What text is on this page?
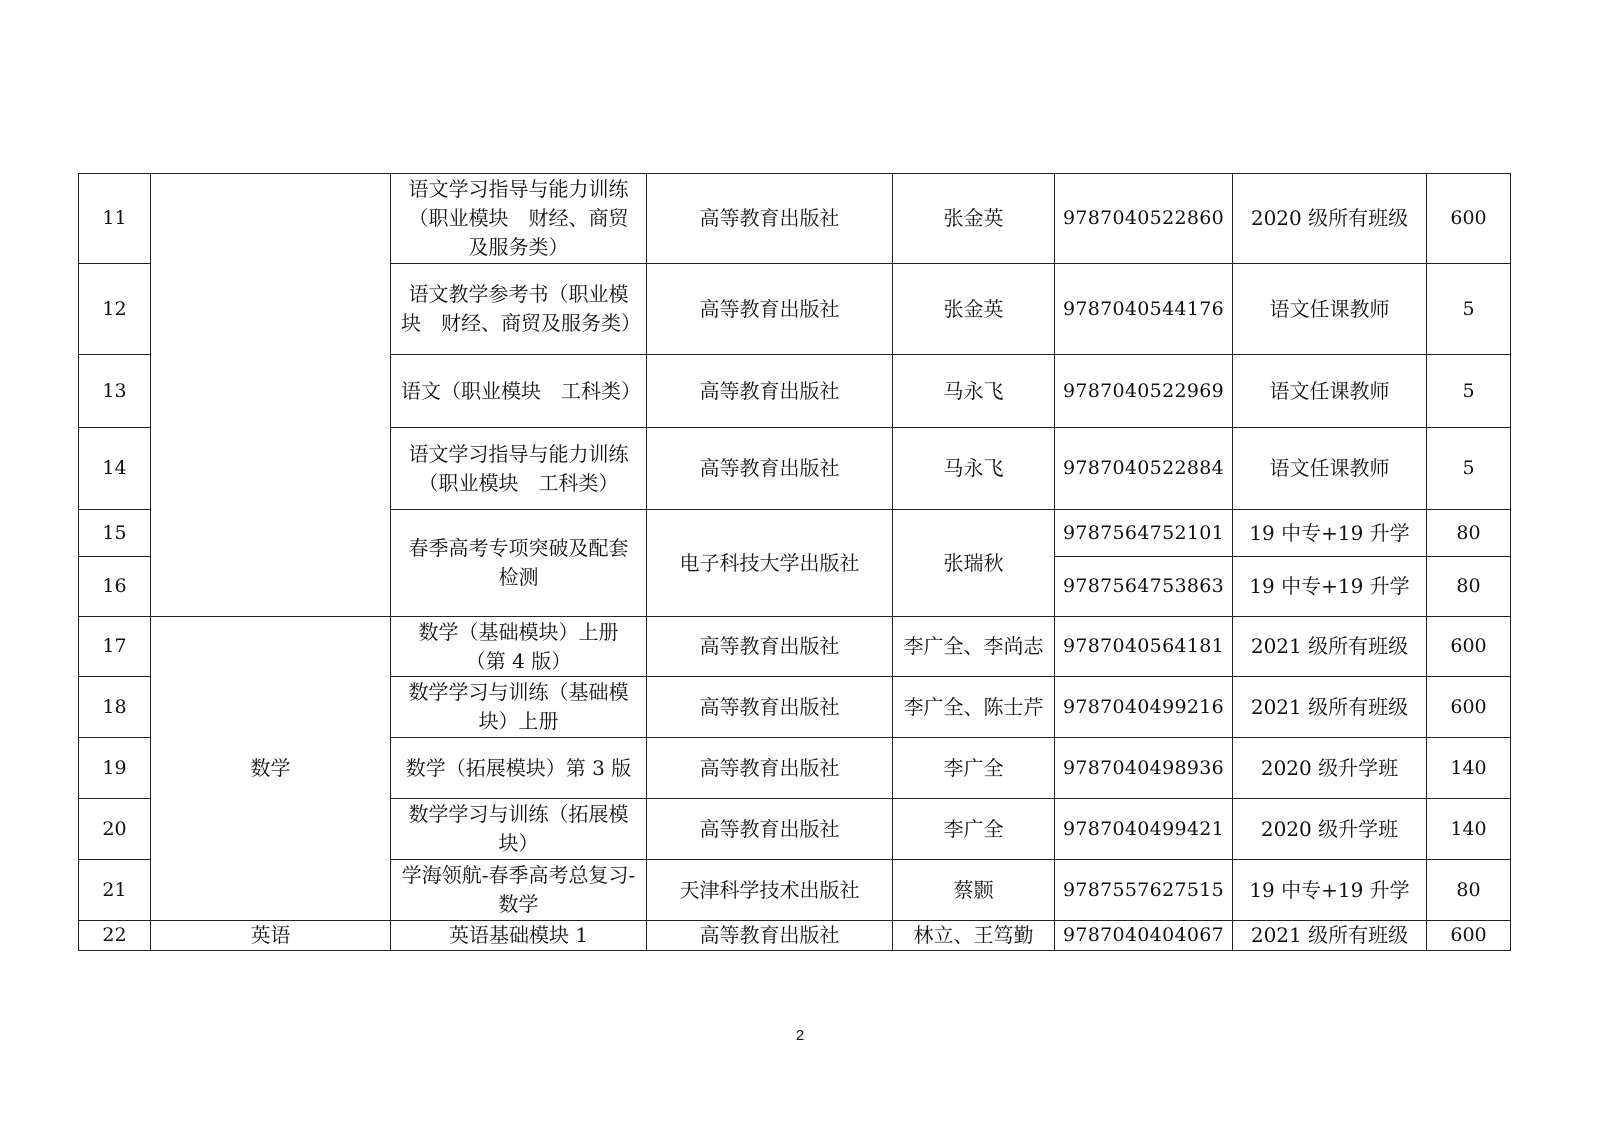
11		语文学习指导与能力训练（职业模块　财经、商贸及服务类）	高等教育出版社	张金英	9787040522860	2020 级所有班级	600
12		语文教学参考书（职业模块　财经、商贸及服务类）	高等教育出版社	张金英	9787040544176	语文任课教师	5
13		语文（职业模块　工科类）	高等教育出版社	马永飞	9787040522969	语文任课教师	5
14		语文学习指导与能力训练（职业模块　工科类）	高等教育出版社	马永飞	9787040522884	语文任课教师	5
15		春季高考专项突破及配套检测	电子科技大学出版社	张瑞秋	9787564752101	19 中专+19 升学	80
16					9787564753863	19 中专+19 升学	80
17	数学	数学（基础模块）上册（第 4 版）	高等教育出版社	李广全、李尚志	9787040564181	2021 级所有班级	600
18		数学学习与训练（基础模块）上册	高等教育出版社	李广全、陈士芹	9787040499216	2021 级所有班级	600
19		数学（拓展模块）第 3 版	高等教育出版社	李广全	9787040498936	2020 级升学班	140
20		数学学习与训练（拓展模块）	高等教育出版社	李广全	9787040499421	2020 级升学班	140
21		学海领航-春季高考总复习-数学	天津科学技术出版社	蔡颢	9787557627515	19 中专+19 升学	80
22	英语	英语基础模块 1	高等教育出版社	林立、王笃勤	9787040404067	2021 级所有班级	600
2
